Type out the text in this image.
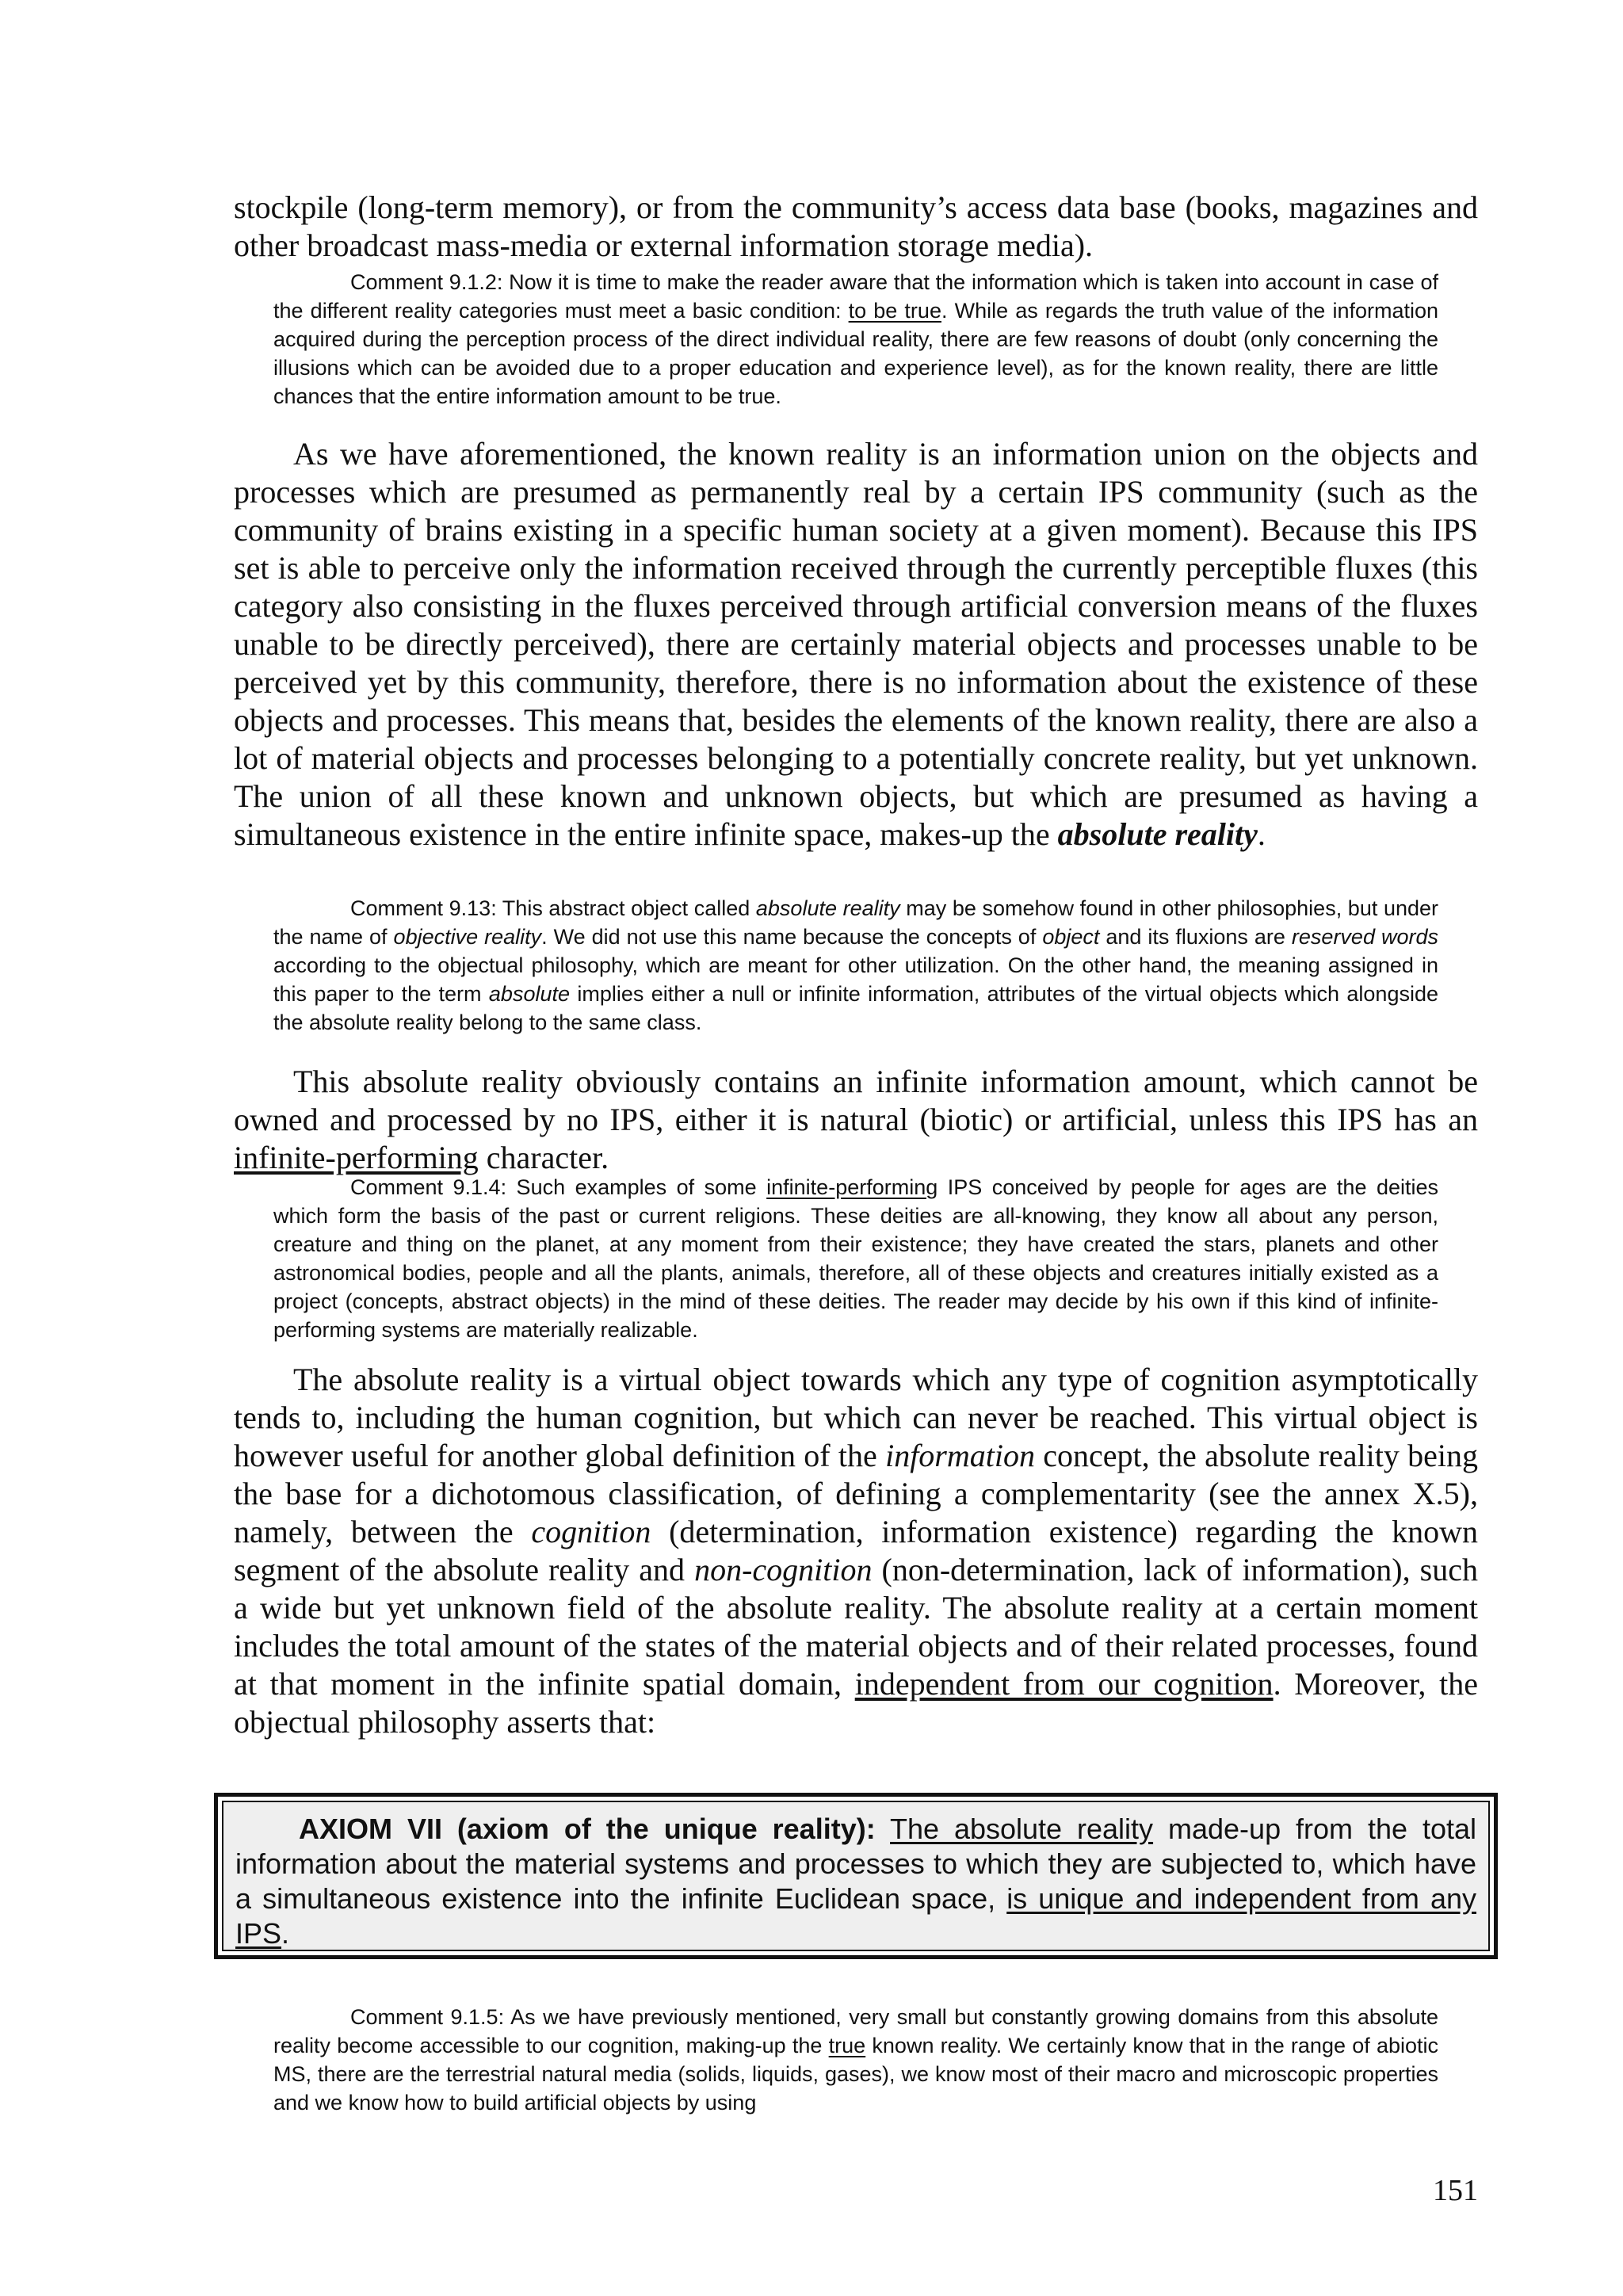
stockpile (long-term memory), or from the community’s access data base (books, magazines and other broadcast mass-media or external information storage media).

Comment 9.1.2: Now it is time to make the reader aware that the information which is taken into account in case of the different reality categories must meet a basic condition: to be true. While as regards the truth value of the information acquired during the perception process of the direct individual reality, there are few reasons of doubt (only concerning the illusions which can be avoided due to a proper education and experience level), as for the known reality, there are little chances that the entire information amount to be true.

As we have aforementioned, the known reality is an information union on the objects and processes which are presumed as permanently real by a certain IPS community (such as the community of brains existing in a specific human society at a given moment). Because this IPS set is able to perceive only the information received through the currently perceptible fluxes (this category also consisting in the fluxes perceived through artificial conversion means of the fluxes unable to be directly perceived), there are certainly material objects and processes unable to be perceived yet by this community, therefore, there is no information about the existence of these objects and processes. This means that, besides the elements of the known reality, there are also a lot of material objects and processes belonging to a potentially concrete reality, but yet unknown. The union of all these known and unknown objects, but which are presumed as having a simultaneous existence in the entire infinite space, makes-up the absolute reality.

Comment 9.13: This abstract object called absolute reality may be somehow found in other philosophies, but under the name of objective reality. We did not use this name because the concepts of object and its fluxions are reserved words according to the objectual philosophy, which are meant for other utilization. On the other hand, the meaning assigned in this paper to the term absolute implies either a null or infinite information, attributes of the virtual objects which alongside the absolute reality belong to the same class.

This absolute reality obviously contains an infinite information amount, which cannot be owned and processed by no IPS, either it is natural (biotic) or artificial, unless this IPS has an infinite-performing character.

Comment 9.1.4: Such examples of some infinite-performing IPS conceived by people for ages are the deities which form the basis of the past or current religions. These deities are all-knowing, they know all about any person, creature and thing on the planet, at any moment from their existence; they have created the stars, planets and other astronomical bodies, people and all the plants, animals, therefore, all of these objects and creatures initially existed as a project (concepts, abstract objects) in the mind of these deities. The reader may decide by his own if this kind of infinite-performing systems are materially realizable.

The absolute reality is a virtual object towards which any type of cognition asymptotically tends to, including the human cognition, but which can never be reached. This virtual object is however useful for another global definition of the information concept, the absolute reality being the base for a dichotomous classification, of defining a complementarity (see the annex X.5), namely, between the cognition (determination, information existence) regarding the known segment of the absolute reality and non-cognition (non-determination, lack of information), such a wide but yet unknown field of the absolute reality. The absolute reality at a certain moment includes the total amount of the states of the material objects and of their related processes, found at that moment in the infinite spatial domain, independent from our cognition. Moreover, the objectual philosophy asserts that:

AXIOM VII (axiom of the unique reality): The absolute reality made-up from the total information about the material systems and processes to which they are subjected to, which have a simultaneous existence into the infinite Euclidean space, is unique and independent from any IPS.

Comment 9.1.5: As we have previously mentioned, very small but constantly growing domains from this absolute reality become accessible to our cognition, making-up the true known reality. We certainly know that in the range of abiotic MS, there are the terrestrial natural media (solids, liquids, gases), we know most of their macro and microscopic properties and we know how to build artificial objects by using

151
